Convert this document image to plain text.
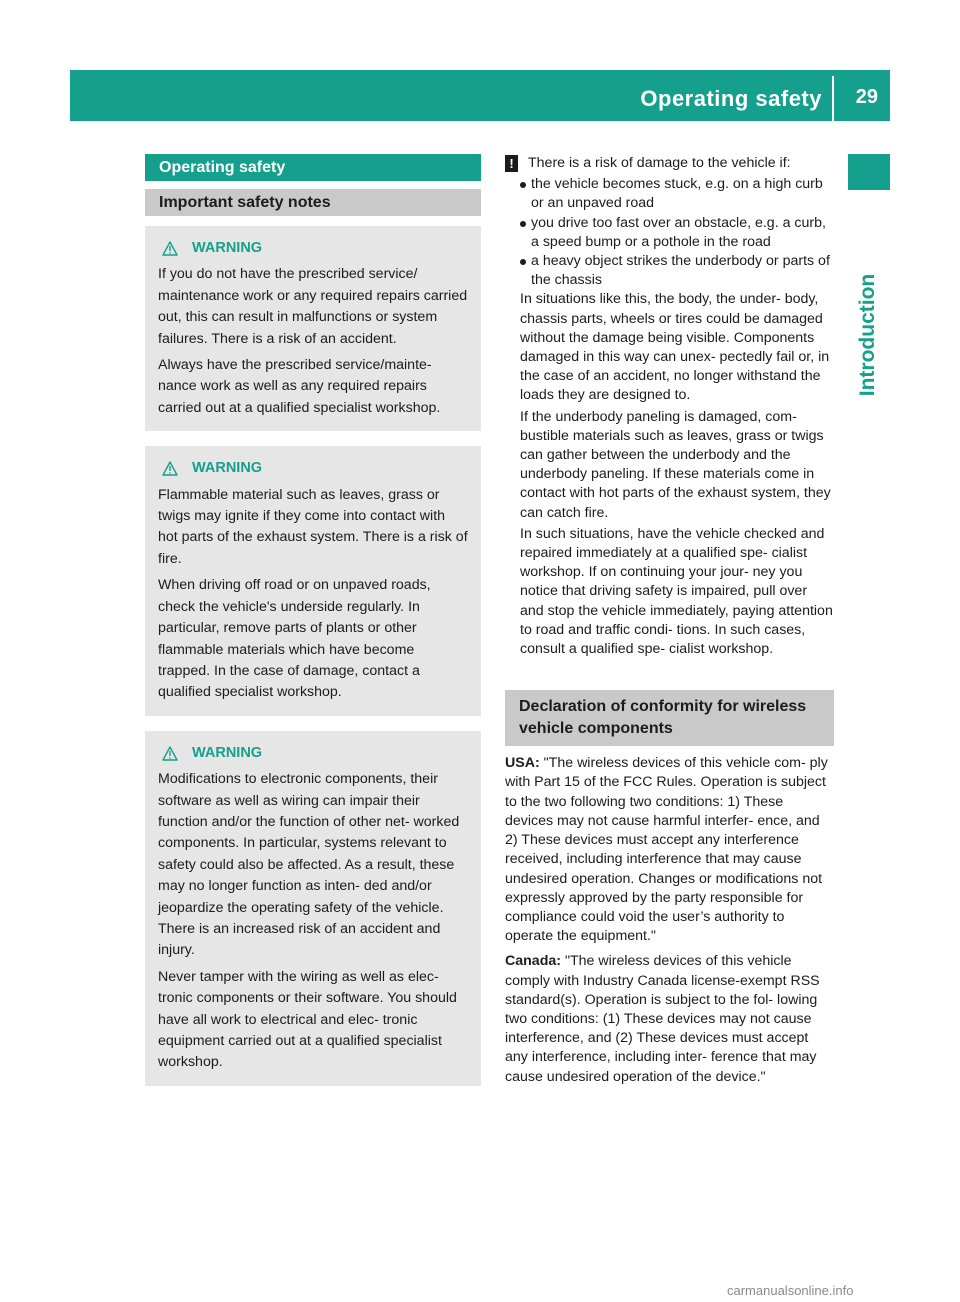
Operating safety 29
Introduction
Operating safety
Important safety notes
WARNING

If you do not have the prescribed service/ maintenance work or any required repairs carried out, this can result in malfunctions or system failures. There is a risk of an accident.

Always have the prescribed service/mainte- nance work as well as any required repairs carried out at a qualified specialist workshop.

WARNING

Flammable material such as leaves, grass or twigs may ignite if they come into contact with hot parts of the exhaust system. There is a risk of fire.

When driving off road or on unpaved roads, check the vehicle's underside regularly. In particular, remove parts of plants or other flammable materials which have become trapped. In the case of damage, contact a qualified specialist workshop.

WARNING

Modifications to electronic components, their software as well as wiring can impair their function and/or the function of other net- worked components. In particular, systems relevant to safety could also be affected. As a result, these may no longer function as inten- ded and/or jeopardize the operating safety of the vehicle. There is an increased risk of an accident and injury.

Never tamper with the wiring as well as elec- tronic components or their software. You should have all work to electrical and elec- tronic equipment carried out at a qualified specialist workshop.

!	There is a risk of damage to the vehicle if:
the vehicle becomes stuck, e.g. on a high curb or an unpaved road
you drive too fast over an obstacle, e.g. a curb, a speed bump or a pothole in the road
a heavy object strikes the underbody or parts of the chassis

In situations like this, the body, the under- body, chassis parts, wheels or tires could be damaged without the damage being visible. Components damaged in this way can unex- pectedly fail or, in the case of an accident, no longer withstand the loads they are designed to.

If the underbody paneling is damaged, com- bustible materials such as leaves, grass or twigs can gather between the underbody and the underbody paneling. If these materials come in contact with hot parts of the exhaust system, they can catch fire.

In such situations, have the vehicle checked and repaired immediately at a qualified spe- cialist workshop. If on continuing your jour- ney you notice that driving safety is impaired, pull over and stop the vehicle immediately, paying attention to road and traffic condi- tions. In such cases, consult a qualified spe- cialist workshop.

Declaration of conformity for wireless vehicle components

USA: "The wireless devices of this vehicle com- ply with Part 15 of the FCC Rules. Operation is subject to the two following two conditions: 1) These devices may not cause harmful interfer- ence, and 2) These devices must accept any interference received, including interference that may cause undesired operation. Changes or modifications not expressly approved by the party responsible for compliance could void the user’s authority to operate the equipment."

Canada: "The wireless devices of this vehicle comply with Industry Canada license-exempt RSS standard(s). Operation is subject to the fol- lowing two conditions: (1) These devices may not cause interference, and (2) These devices must accept any interference, including inter- ference that may cause undesired operation of the device."

carmanualsonline.info
